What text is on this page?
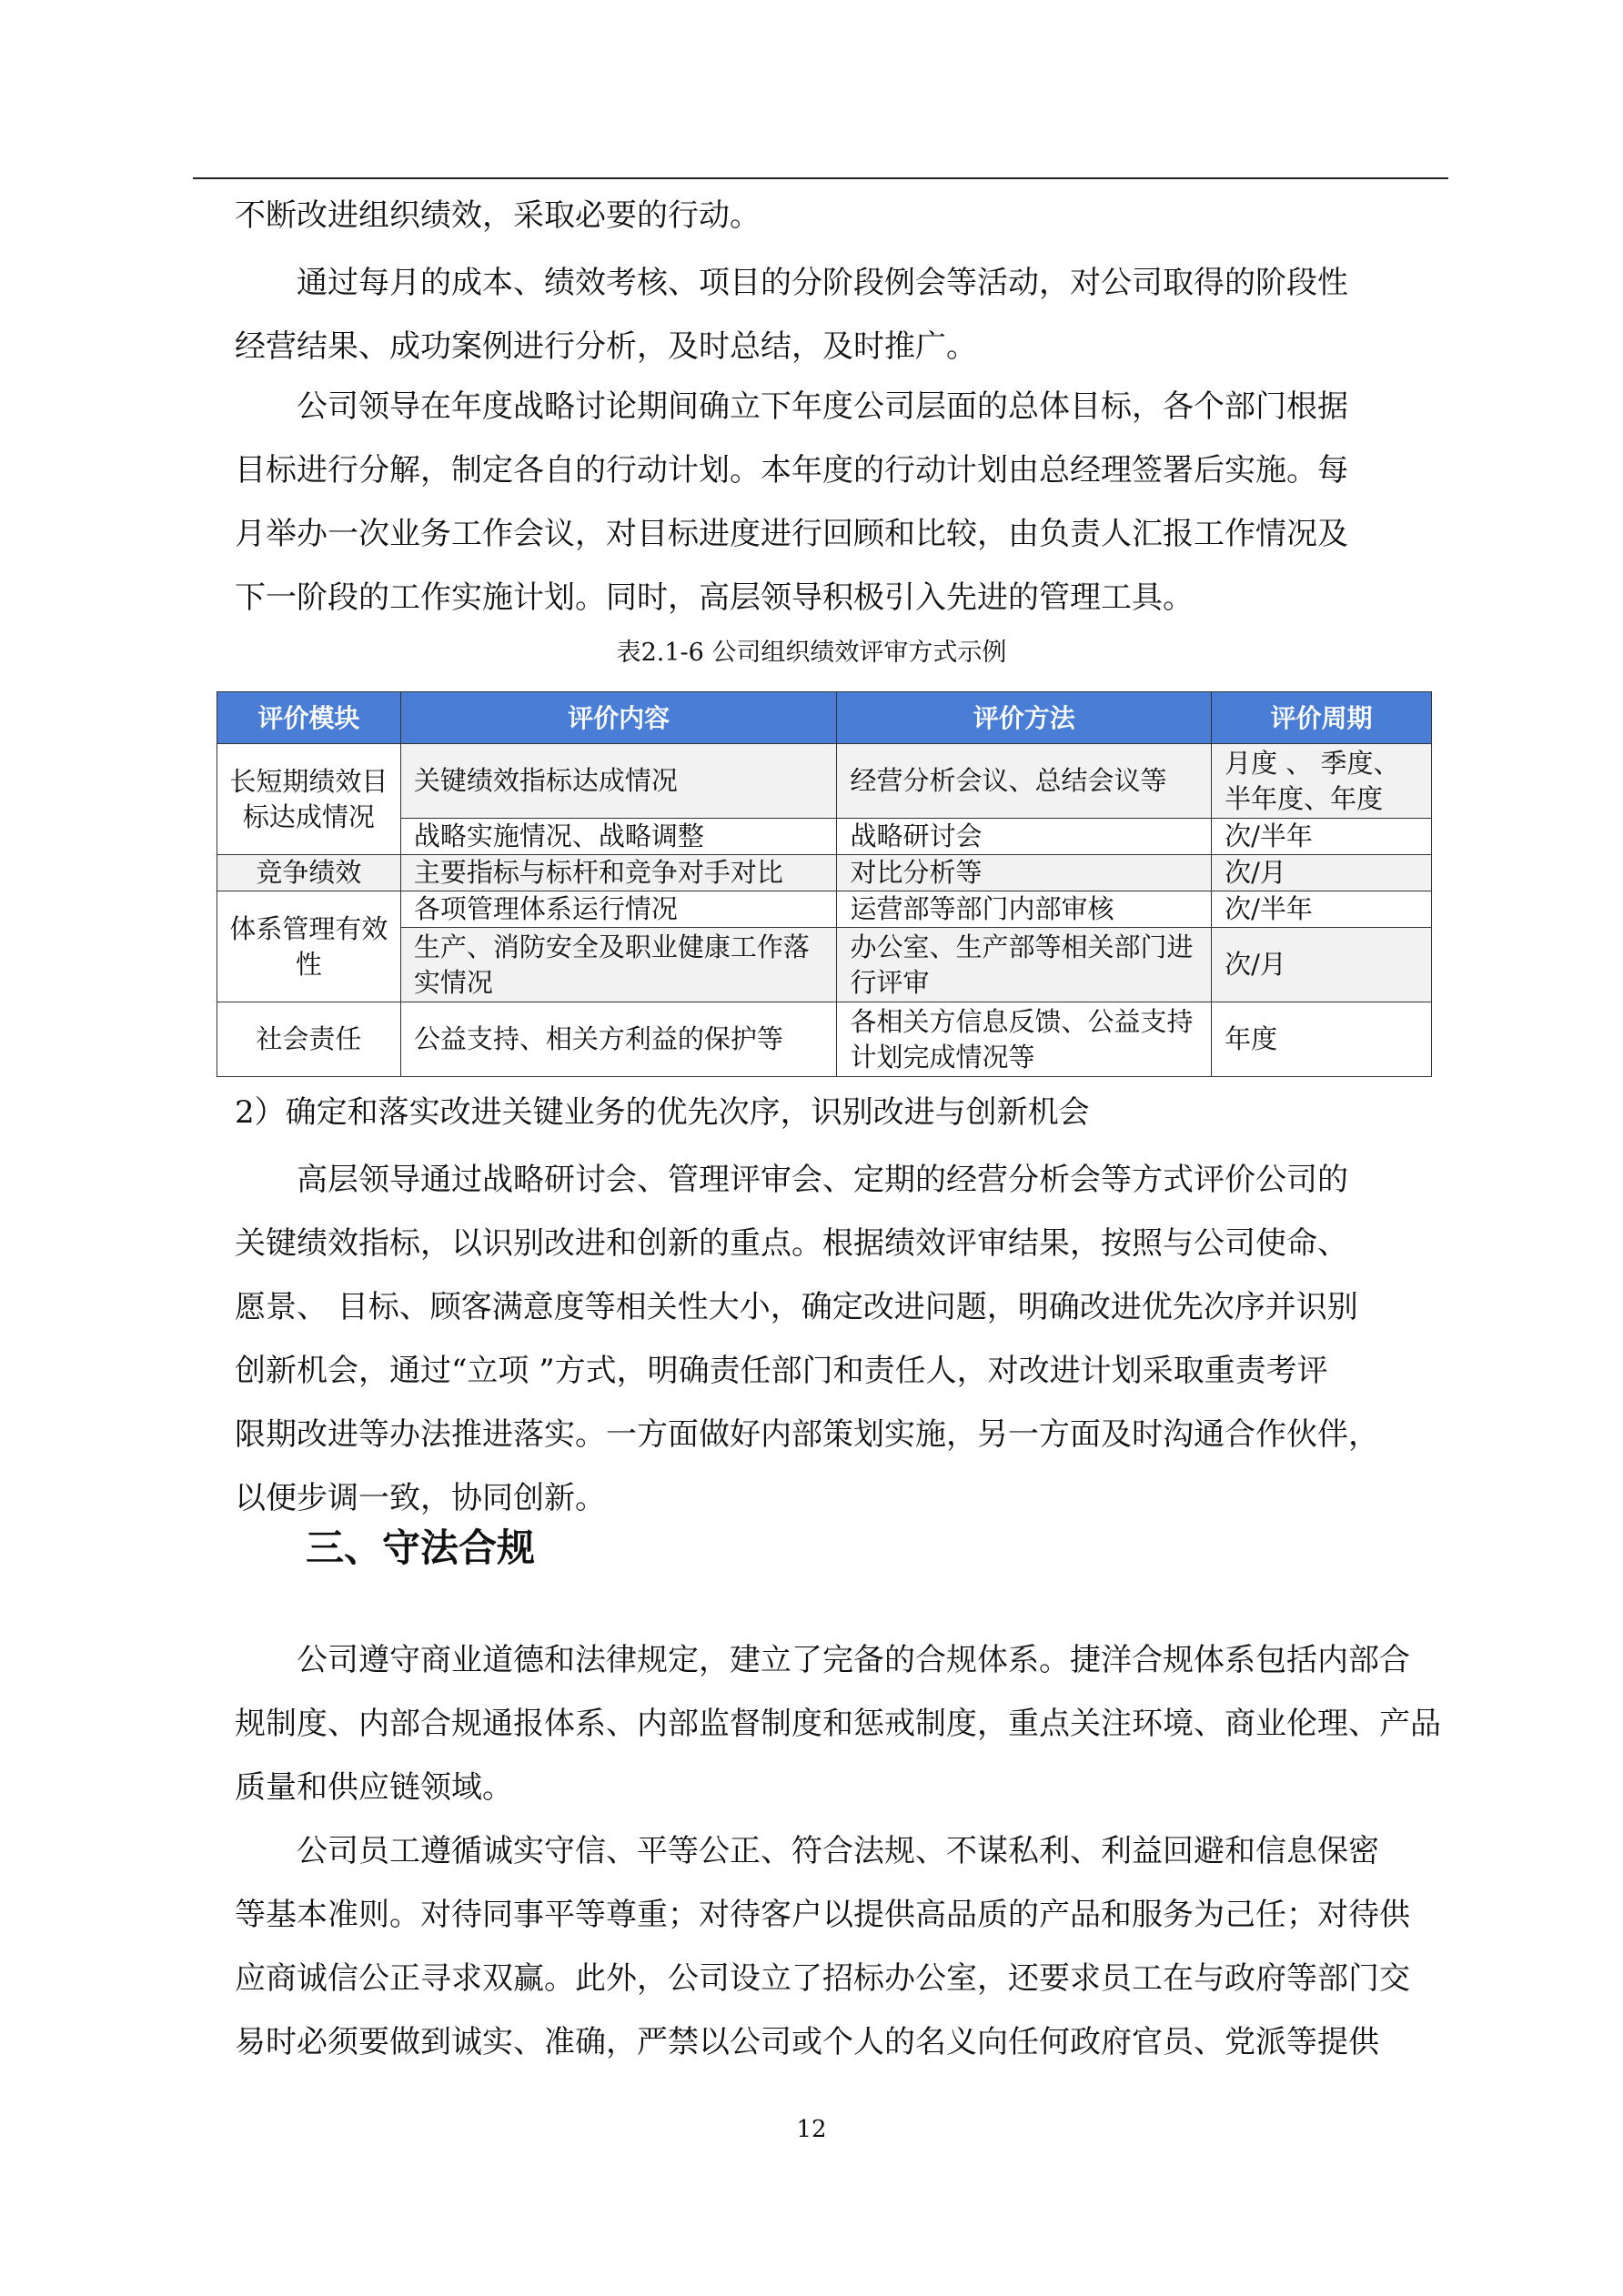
不断改进组织绩效，采取必要的行动。
通过每月的成本、绩效考核、项目的分阶段例会等活动，对公司取得的阶段性
经营结果、成功案例进行分析，及时总结，及时推广。
公司领导在年度战略讨论期间确立下年度公司层面的总体目标，各个部门根据
目标进行分解，制定各自的行动计划。本年度的行动计划由总经理签署后实施。每
月举办一次业务工作会议，对目标进度进行回顾和比较，由负责人汇报工作情况及
下一阶段的工作实施计划。同时，高层领导积极引入先进的管理工具。
表2.1-6 公司组织绩效评审方式示例
评价模块	评价内容	评价方法	评价周期
长短期绩效目标达成情况	关键绩效指标达成情况	经营分析会议、总结会议等	月度 、 季度、半年度、年度
	战略实施情况、战略调整	战略研讨会	次/半年
竞争绩效	主要指标与标杆和竞争对手对比	对比分析等	次/月
体系管理有效性	各项管理体系运行情况	运营部等部门内部审核	次/半年
	生产、消防安全及职业健康工作落实情况	办公室、生产部等相关部门进行评审	次/月
社会责任	公益支持、相关方利益的保护等	各相关方信息反馈、公益支持计划完成情况等	年度
2）确定和落实改进关键业务的优先次序，识别改进与创新机会
高层领导通过战略研讨会、管理评审会、定期的经营分析会等方式评价公司的
关键绩效指标，以识别改进和创新的重点。根据绩效评审结果，按照与公司使命、
愿景、 目标、顾客满意度等相关性大小，确定改进问题，明确改进优先次序并识别
创新机会，通过“立项 ”方式，明确责任部门和责任人，对改进计划采取重责考评
限期改进等办法推进落实。一方面做好内部策划实施，另一方面及时沟通合作伙伴，
以便步调一致，协同创新。
三、守法合规
公司遵守商业道德和法律规定，建立了完备的合规体系。捷洋合规体系包括内部合
规制度、内部合规通报体系、内部监督制度和惩戒制度，重点关注环境、商业伦理、产品
质量和供应链领域。
公司员工遵循诚实守信、平等公正、符合法规、不谋私利、利益回避和信息保密
等基本准则。对待同事平等尊重；对待客户以提供高品质的产品和服务为己任；对待供
应商诚信公正寻求双赢。此外，公司设立了招标办公室，还要求员工在与政府等部门交
易时必须要做到诚实、准确，严禁以公司或个人的名义向任何政府官员、党派等提供
12
